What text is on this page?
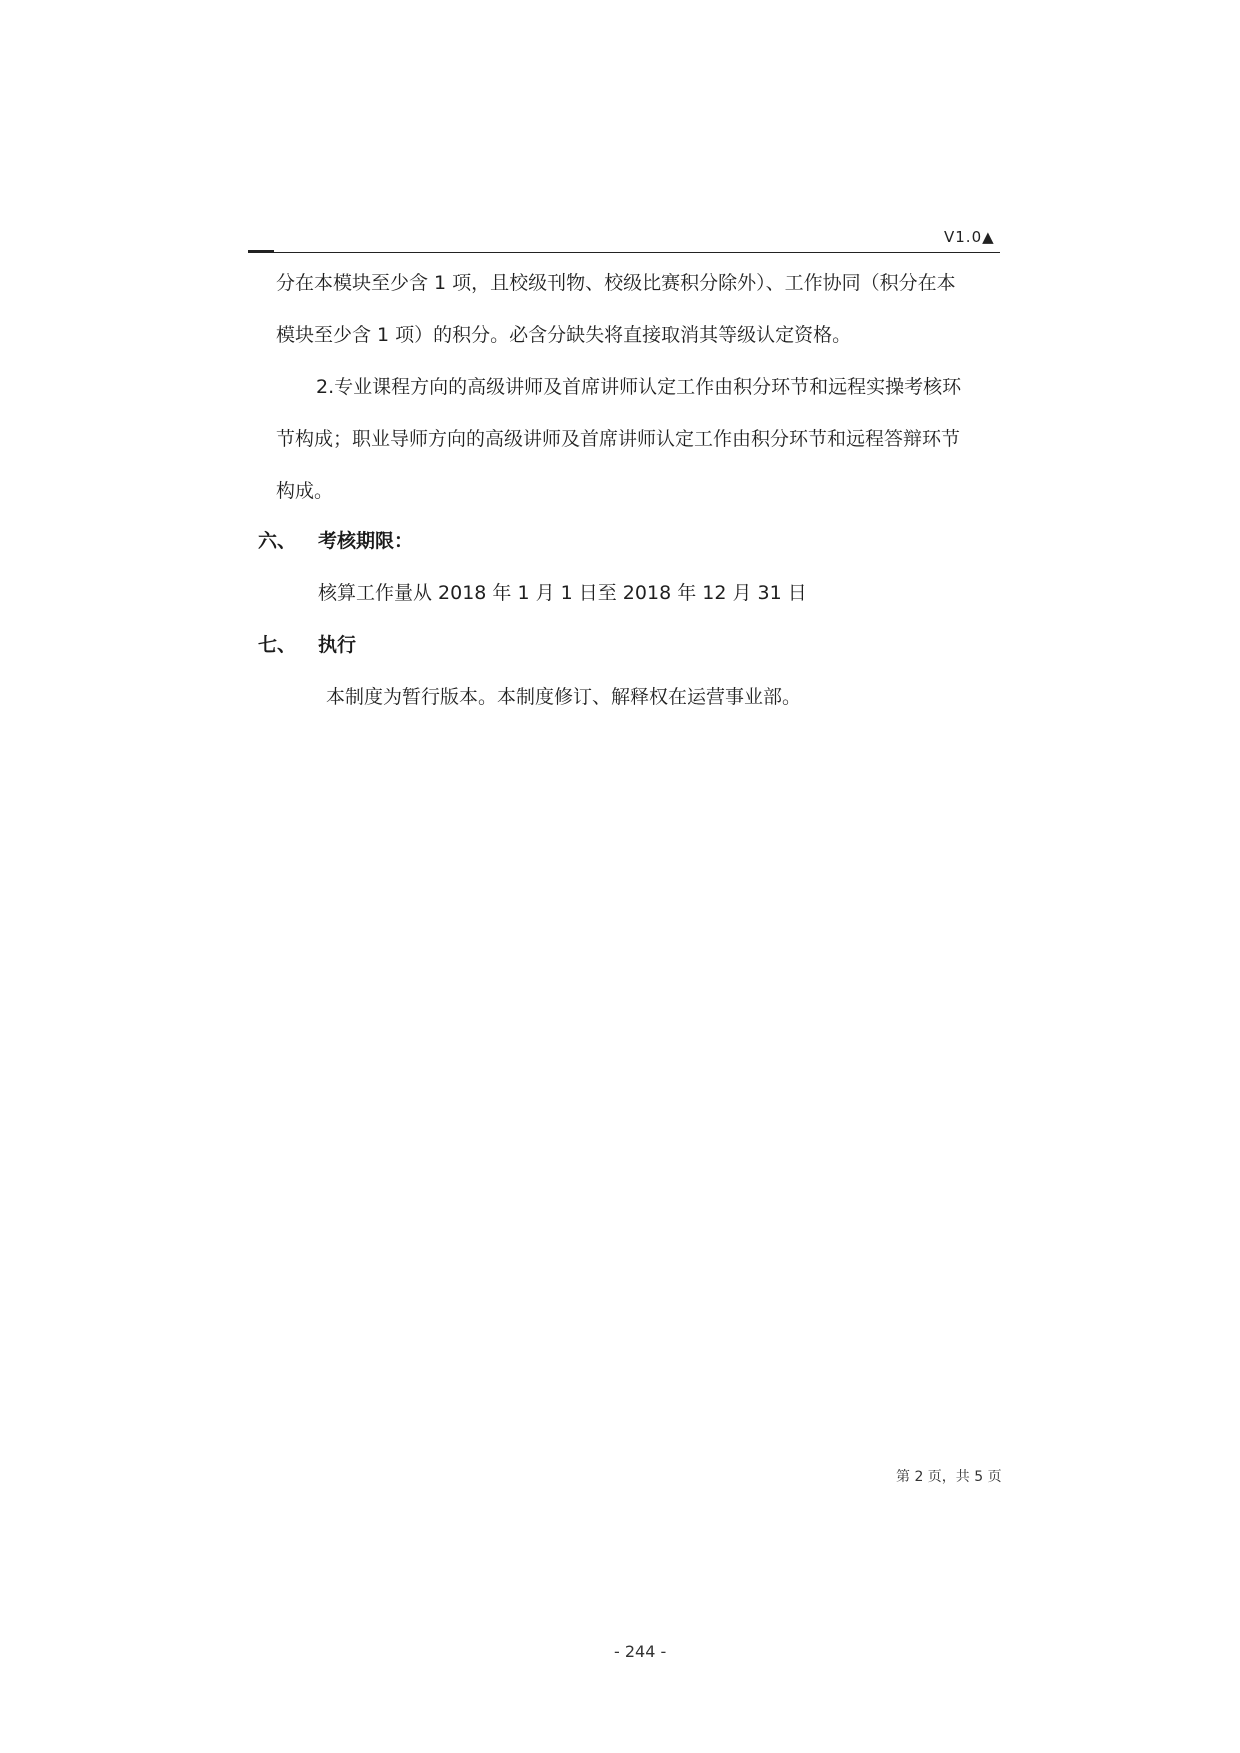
V1.0▲
分在本模块至少含 1 项，且校级刊物、校级比赛积分除外）、工作协同（积分在本
模块至少含 1 项）的积分。必含分缺失将直接取消其等级认定资格。
2.专业课程方向的高级讲师及首席讲师认定工作由积分环节和远程实操考核环
节构成；职业导师方向的高级讲师及首席讲师认定工作由积分环节和远程答辩环节
构成。
六、 考核期限：
核算工作量从 2018 年 1 月 1 日至 2018 年 12 月 31 日
七、 执行
本制度为暂行版本。本制度修订、解释权在运营事业部。
第 2 页，共 5 页
- 244 -
